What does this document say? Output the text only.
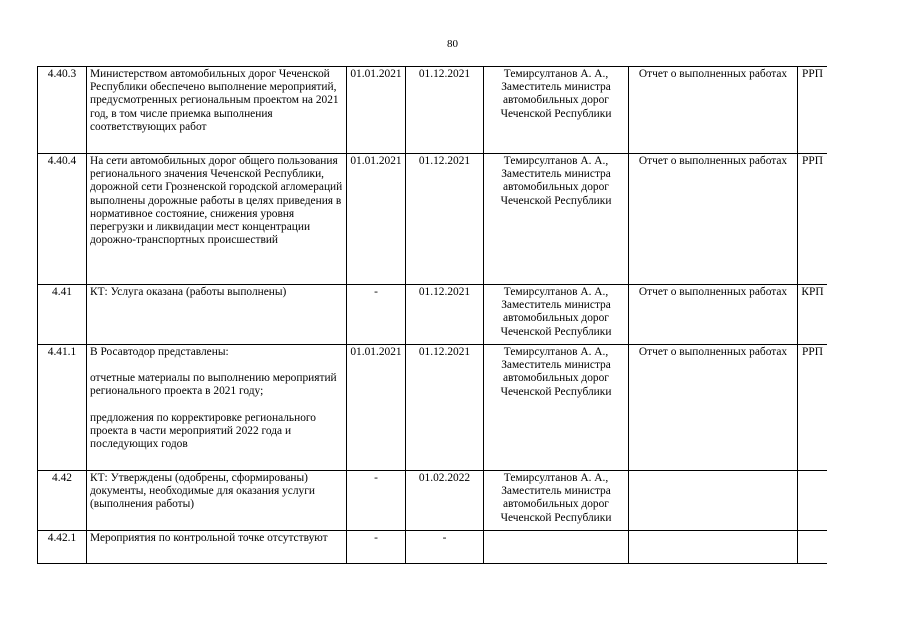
80
4.40.3	Министерством автомобильных дорог Чеченской Республики обеспечено выполнение мероприятий, предусмотренных региональным проектом на 2021 год, в том числе приемка выполнения соответствующих работ	01.01.2021	01.12.2021	Темирсултанов А. А., Заместитель министра автомобильных дорог Чеченской Республики	Отчет о выполненных работах	РРП
4.40.4	На сети автомобильных дорог общего пользования регионального значения Чеченской Республики, дорожной сети Грозненской городской агломераций выполнены дорожные работы в целях приведения в нормативное состояние, снижения уровня перегрузки и ликвидации мест концентрации дорожно-транспортных происшествий	01.01.2021	01.12.2021	Темирсултанов А. А., Заместитель министра автомобильных дорог Чеченской Республики	Отчет о выполненных работах	РРП
4.41	КТ: Услуга оказана (работы выполнены)	-	01.12.2021	Темирсултанов А. А., Заместитель министра автомобильных дорог Чеченской Республики	Отчет о выполненных работах	КРП
4.41.1	В Росавтодор представлены:
отчетные материалы по выполнению мероприятий регионального проекта в 2021 году;
предложения по корректировке регионального проекта в части мероприятий 2022 года и последующих годов	01.01.2021	01.12.2021	Темирсултанов А. А., Заместитель министра автомобильных дорог Чеченской Республики	Отчет о выполненных работах	РРП
4.42	КТ: Утверждены (одобрены, сформированы) документы, необходимые для оказания услуги (выполнения работы)	-	01.02.2022	Темирсултанов А. А., Заместитель министра автомобильных дорог Чеченской Республики		
4.42.1	Мероприятия по контрольной точке отсутствуют	-	-			
